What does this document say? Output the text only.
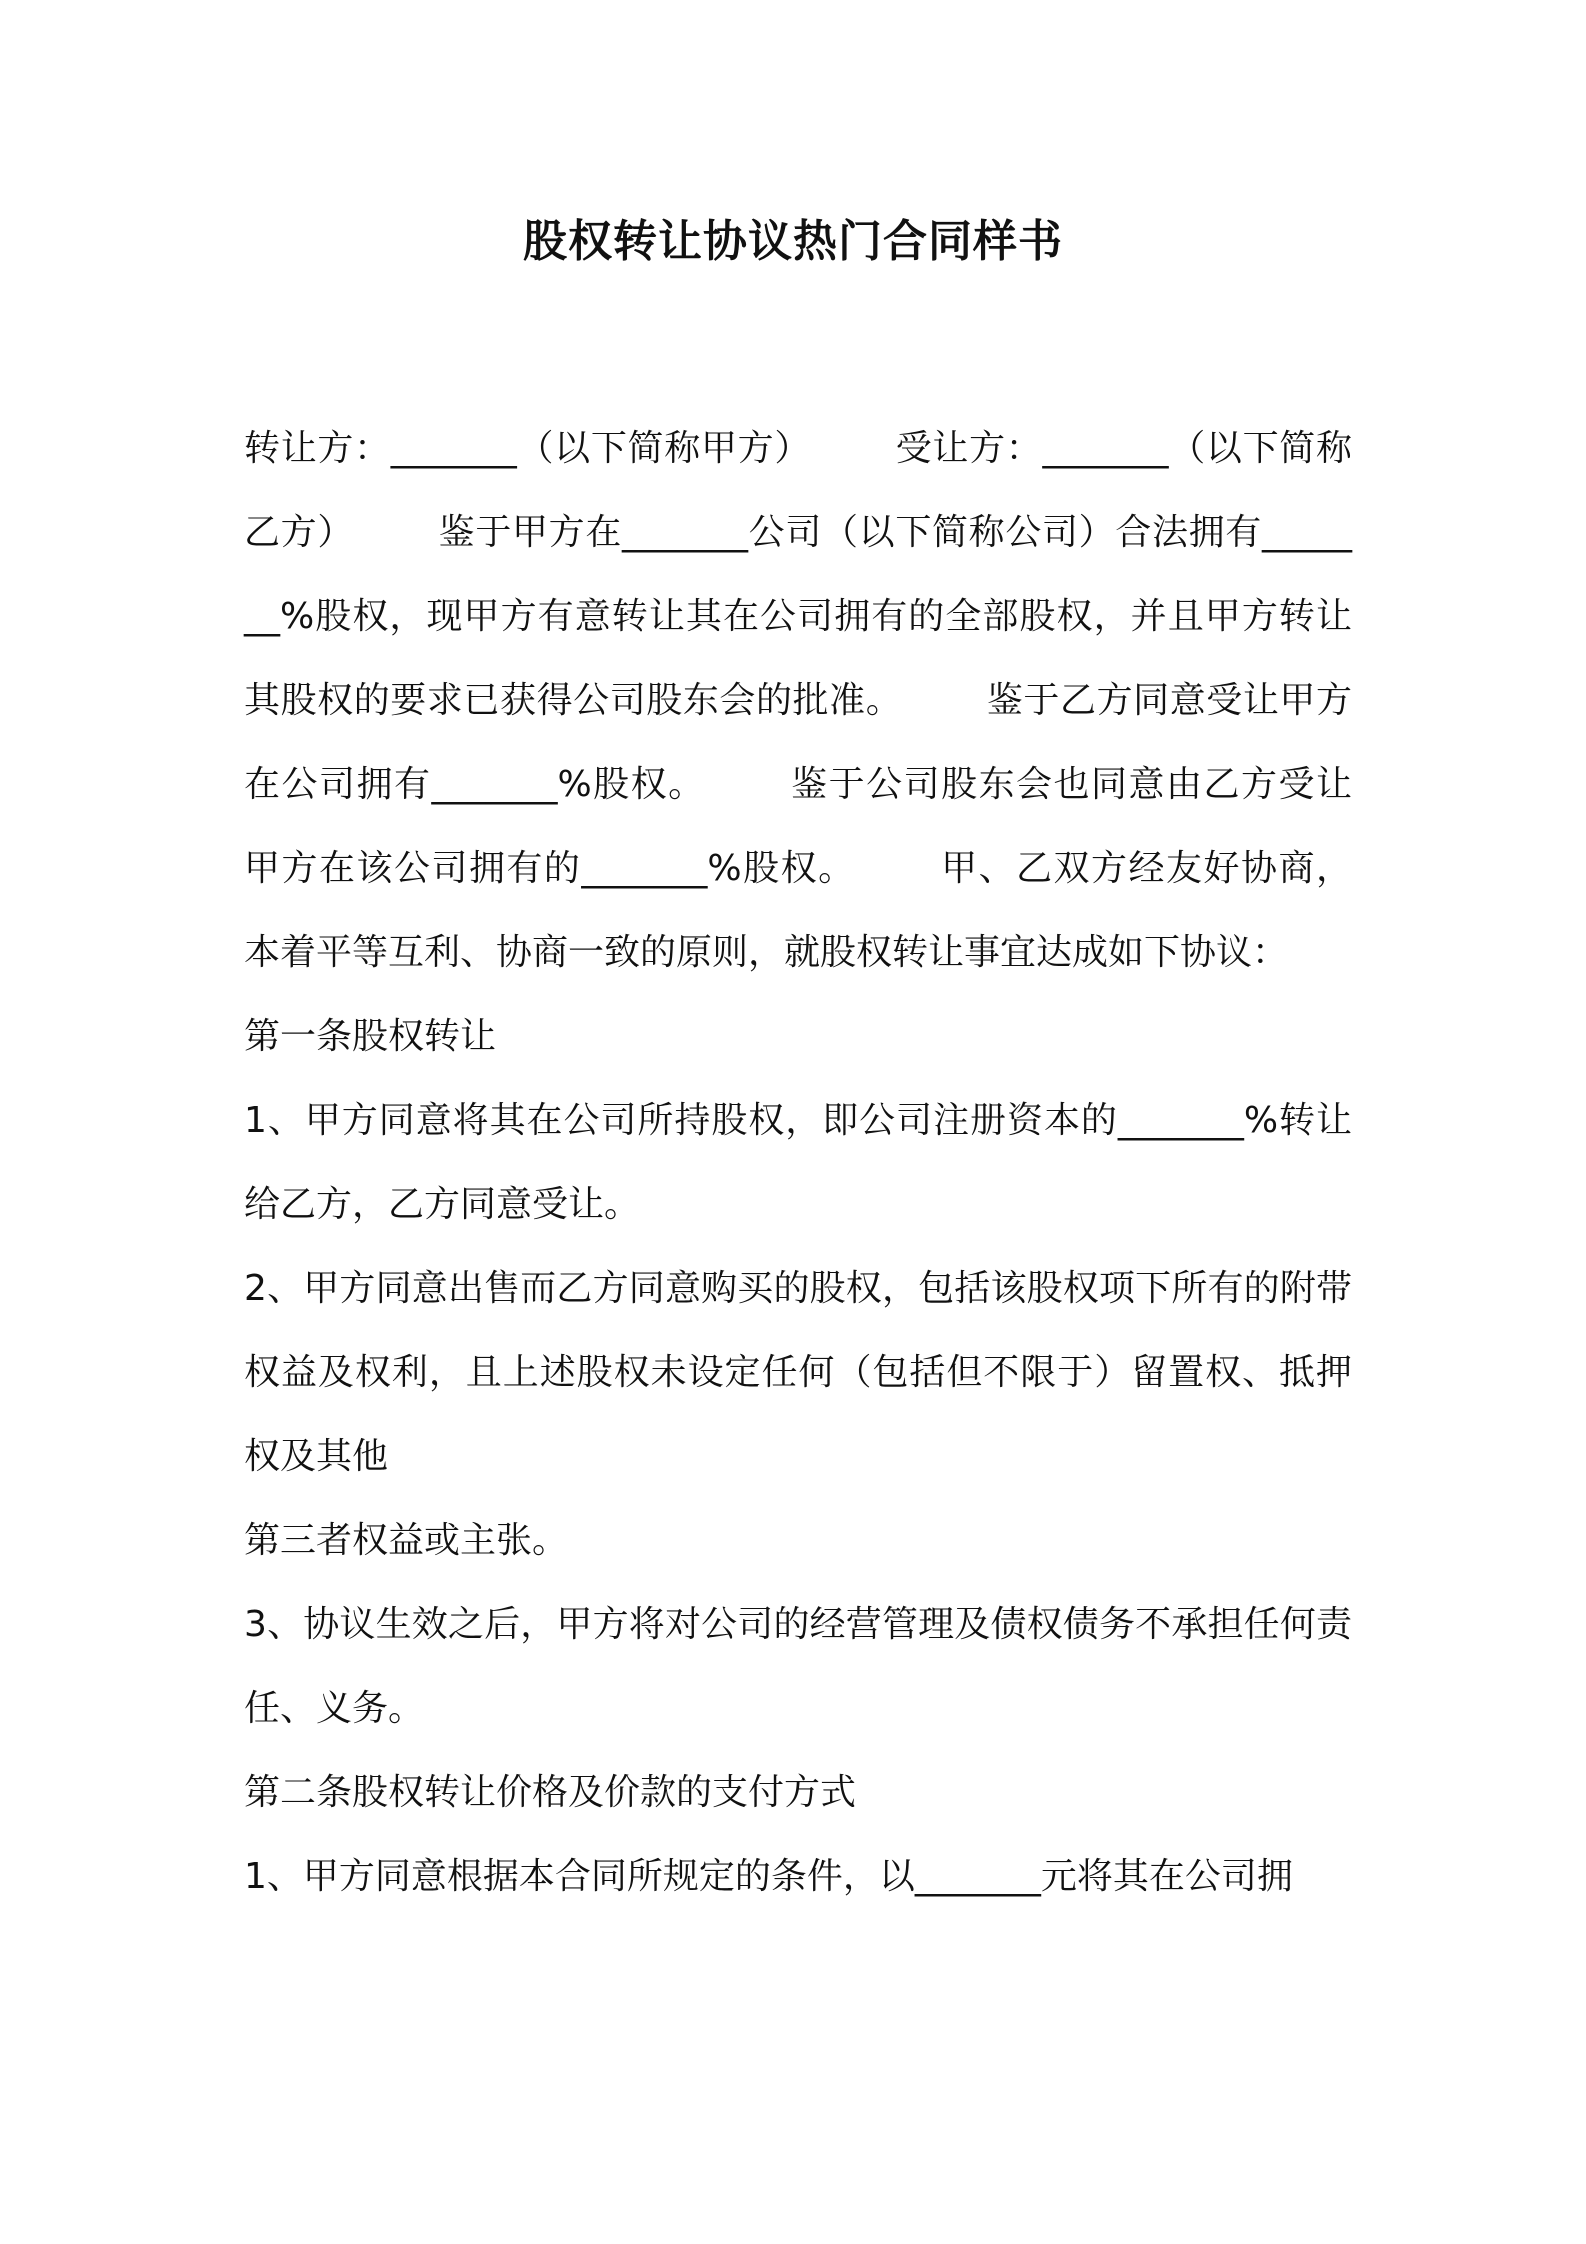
股权转让协议热门合同样书

转让方：_______（以下简称甲方） 受让方：_______（以下简称乙方） 鉴于甲方在_______公司（以下简称公司）合法拥有_______%股权，现甲方有意转让其在公司拥有的全部股权，并且甲方转让其股权的要求已获得公司股东会的批准。 鉴于乙方同意受让甲方在公司拥有_______%股权。 鉴于公司股东会也同意由乙方受让甲方在该公司拥有的_______%股权。 甲、乙双方经友好协商，本着平等互利、协商一致的原则，就股权转让事宜达成如下协议：

第一条股权转让

1、甲方同意将其在公司所持股权，即公司注册资本的_______%转让给乙方，乙方同意受让。

2、甲方同意出售而乙方同意购买的股权，包括该股权项下所有的附带权益及权利，且上述股权未设定任何（包括但不限于）留置权、抵押权及其他

第三者权益或主张。

3、协议生效之后，甲方将对公司的经营管理及债权债务不承担任何责任、义务。

第二条股权转让价格及价款的支付方式

1、甲方同意根据本合同所规定的条件，以_______元将其在公司拥
